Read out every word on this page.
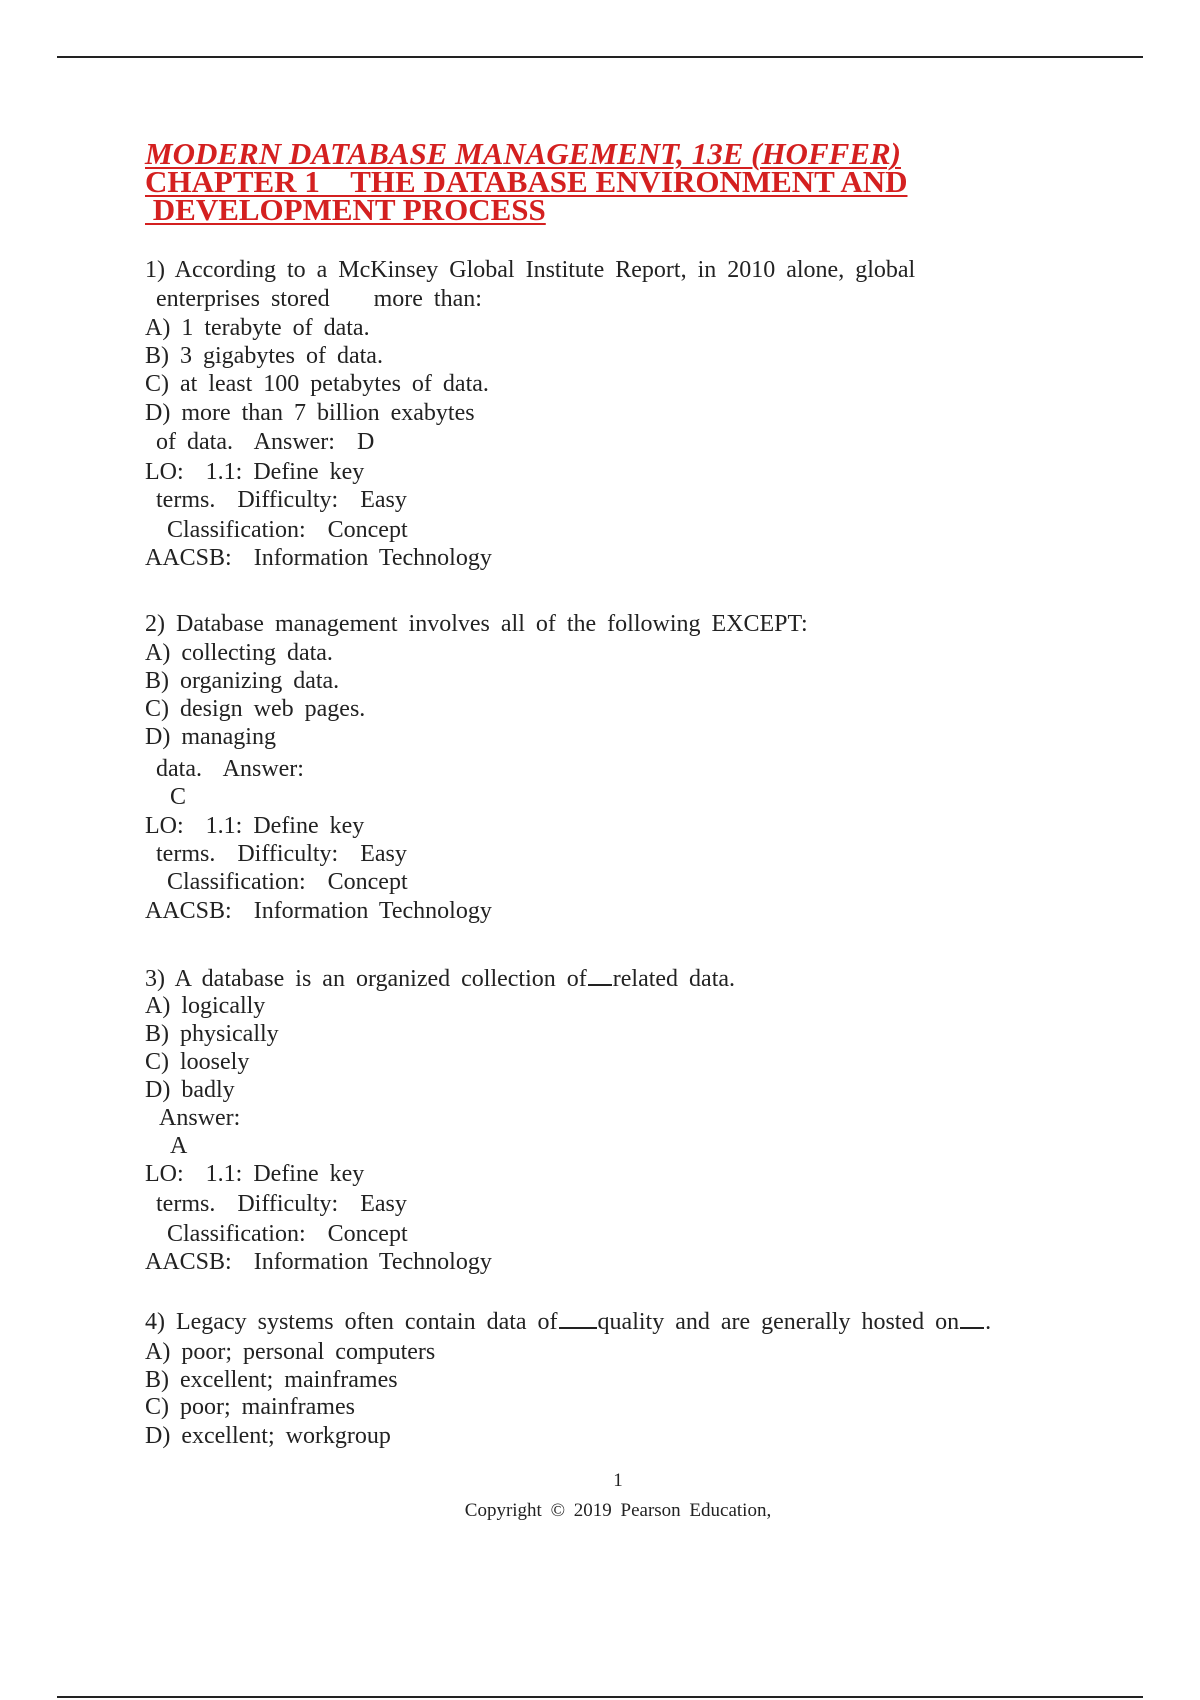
MODERN DATABASE MANAGEMENT, 13E (HOFFER)
CHAPTER 1    THE DATABASE ENVIRONMENT AND
DEVELOPMENT PROCESS
1) According to a McKinsey Global Institute Report, in 2010 alone, global
enterprises stored    more than:
A) 1 terabyte of data.
B) 3 gigabytes of data.
C) at least 100 petabytes of data.
D) more than 7 billion exabytes
of data.  Answer:  D
LO:  1.1: Define key
terms.  Difficulty:  Easy
Classification:  Concept
AACSB:  Information Technology
2) Database management involves all of the following EXCEPT:
A) collecting data.
B) organizing data.
C) design web pages.
D) managing
data.  Answer:
C
LO:  1.1: Define key
terms.  Difficulty:  Easy
Classification:  Concept
AACSB:  Information Technology
3) A database is an organized collection of related data.
A) logically
B) physically
C) loosely
D) badly
Answer:
A
LO:  1.1: Define key
terms.  Difficulty:  Easy
Classification:  Concept
AACSB:  Information Technology
4) Legacy systems often contain data of quality and are generally hosted on .
A) poor; personal computers
B) excellent; mainframes
C) poor; mainframes
D) excellent; workgroup
1
Copyright © 2019 Pearson Education,
